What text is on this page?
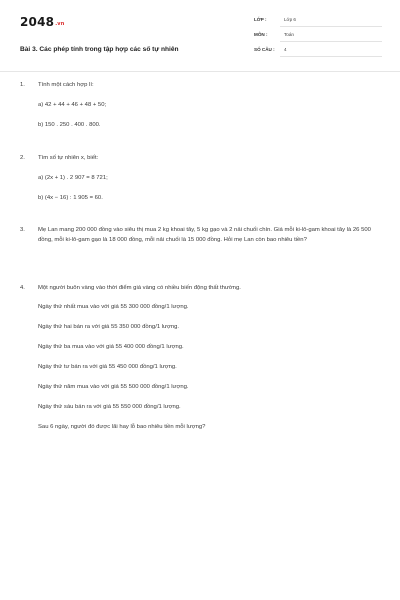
2048.vn
Bài 3. Các phép tính trong tập hợp các số tự nhiên
LỚP :	Lớp 6
MÔN :	Toán
SỐ CÂU : 4
1. Tính một cách hợp lí:
a) 42 + 44 + 46 + 48 + 50;
b) 150 . 250 . 400 . 800.
2. Tìm số tự nhiên x, biết:
a) (2x + 1) . 2 907 = 8 721;
b) (4x − 16) : 1 905 = 60.
3. Mẹ Lan mang 200 000 đồng vào siêu thị mua 2 kg khoai tây, 5 kg gạo và 2 nải chuối chín. Giá mỗi ki-lô-gam khoai tây là 26 500 đồng, mỗi ki-lô-gam gạo là 18 000 đồng, mỗi nải chuối là 15 000 đồng. Hỏi mẹ Lan còn bao nhiêu tiền?
4. Một người buôn vàng vào thời điểm giá vàng có nhiều biến động thất thường.
Ngày thứ nhất mua vào với giá 55 300 000 đồng/1 lượng.
Ngày thứ hai bán ra với giá 55 350 000 đồng/1 lượng.
Ngày thứ ba mua vào với giá 55 400 000 đồng/1 lượng.
Ngày thứ tư bán ra với giá 55 450 000 đồng/1 lượng.
Ngày thứ năm mua vào với giá 55 500 000 đồng/1 lượng.
Ngày thứ sáu bán ra với giá 55 550 000 đồng/1 lượng.
Sau 6 ngày, người đó được lãi hay lỗ bao nhiêu tiền mỗi lượng?
